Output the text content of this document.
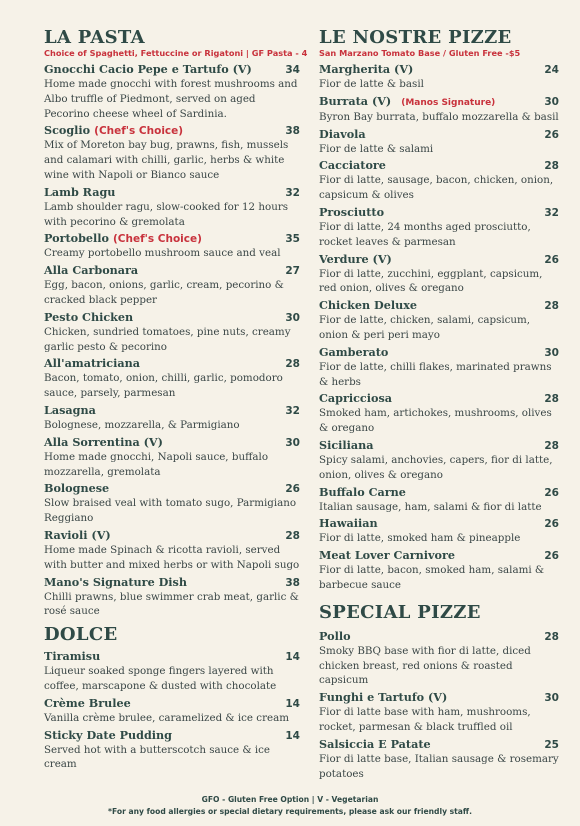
LA PASTA

Choice of Spaghetti, Fettuccine or Rigatoni | GF Pasta - 4

Gnocchi Cacio Pepe e Tartufo (V)	34

Home made gnocchi with forest mushrooms and Albo truffle of Piedmont, served on aged Pecorino cheese wheel of Sardinia.

Scoglio (Chef's Choice)	38

Mix of Moreton bay bug, prawns, fish, mussels and calamari with chilli, garlic, herbs & white wine with Napoli or Bianco sauce

Lamb Ragu	32

Lamb shoulder ragu, slow-cooked for 12 hours with pecorino & gremolata

Portobello (Chef's Choice)	35

Creamy portobello mushroom sauce and veal

Alla Carbonara	27

Egg, bacon, onions, garlic, cream, pecorino & cracked black pepper

Pesto Chicken	30

Chicken, sundried tomatoes, pine nuts, creamy garlic pesto & pecorino

All'amatriciana	28

Bacon, tomato, onion, chilli, garlic, pomodoro sauce, parsely, parmesan

Lasagna	32

Bolognese, mozzarella, & Parmigiano

Alla Sorrentina (V)	30

Home made gnocchi, Napoli sauce, buffalo mozzarella, gremolata

Bolognese	26

Slow braised veal with tomato sugo, Parmigiano Reggiano

Ravioli (V)	28

Home made Spinach & ricotta ravioli, served with butter and mixed herbs or with Napoli sugo

Mano's Signature Dish	38

Chilli prawns, blue swimmer crab meat, garlic & rosé sauce

DOLCE
Tiramisu	14

Liqueur soaked sponge fingers layered with coffee, marscapone & dusted with chocolate

Crème Brulee	14

Vanilla crème brulee, caramelized & ice cream

Sticky Date Pudding	14

Served hot with a butterscotch sauce & ice cream

LE NOSTRE PIZZE

San Marzano Tomato Base / Gluten Free -$5

Margherita (V)	24

Fior de latte & basil

Burrata (V) (Manos Signature)	30

Byron Bay burrata, buffalo mozzarella & basil

Diavola	26

Fior de latte & salami

Cacciatore	28

Fior di latte, sausage, bacon, chicken, onion, capsicum & olives

Prosciutto	32

Fior di latte, 24 months aged prosciutto, rocket leaves & parmesan

Verdure (V)	26

Fior di latte, zucchini, eggplant, capsicum, red onion, olives & oregano

Chicken Deluxe	28

Fior de latte, chicken, salami, capsicum, onion & peri peri mayo

Gamberato	30

Fior de latte, chilli flakes, marinated prawns & herbs

Capricciosa	28

Smoked ham, artichokes, mushrooms, olives & oregano

Siciliana	28

Spicy salami, anchovies, capers, fior di latte, onion, olives & oregano

Buffalo Carne	26

Italian sausage, ham, salami & fior di latte

Hawaiian	26

Fior di latte, smoked ham & pineapple

Meat Lover Carnivore	26

Fior di latte, bacon, smoked ham, salami & barbecue sauce

SPECIAL PIZZE
Pollo	28

Smoky BBQ base with fior di latte, diced chicken breast, red onions & roasted capsicum

Funghi e Tartufo (V)	30

Fior di latte base with ham, mushrooms, rocket, parmesan & black truffled oil

Salsiccia E Patate	25

Fior di latte base, Italian sausage & rosemary potatoes

GFO - Gluten Free Option | V - Vegetarian
*For any food allergies or special dietary requirements, please ask our friendly staff.
